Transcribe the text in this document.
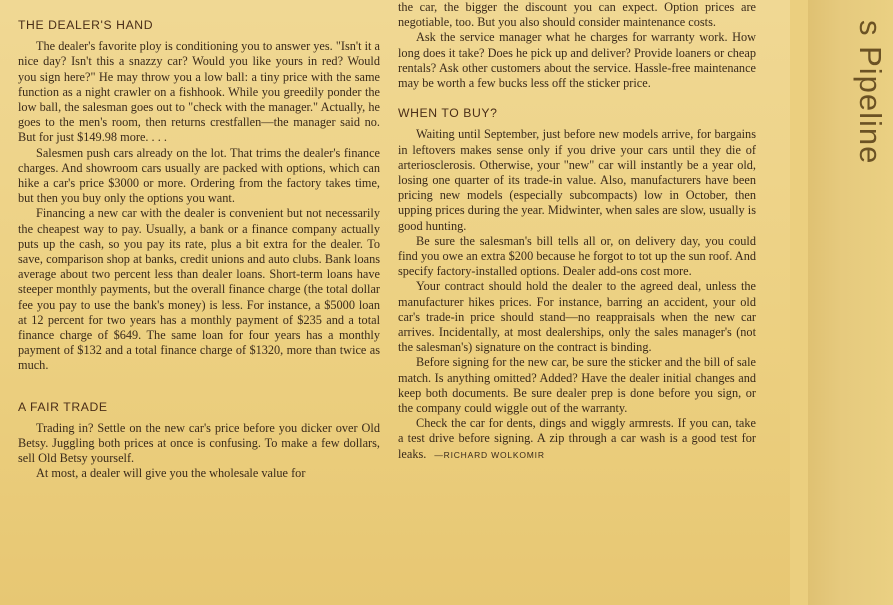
s Pipeline
THE DEALER'S HAND

The dealer's favorite ploy is conditioning you to answer yes. "Isn't it a nice day? Isn't this a snazzy car? Would you like yours in red? Would you sign here?" He may throw you a low ball: a tiny price with the same function as a night crawler on a fishhook. While you greedily ponder the low ball, the salesman goes out to "check with the manager." Actually, he goes to the men's room, then returns crestfallen—the manager said no. But for just $149.98 more. . . .

Salesmen push cars already on the lot. That trims the dealer's finance charges. And showroom cars usually are packed with options, which can hike a car's price $3000 or more. Ordering from the factory takes time, but then you buy only the options you want.

Financing a new car with the dealer is convenient but not necessarily the cheapest way to pay. Usually, a bank or a finance company actually puts up the cash, so you pay its rate, plus a bit extra for the dealer. To save, comparison shop at banks, credit unions and auto clubs. Bank loans average about two percent less than dealer loans. Short-term loans have steeper monthly payments, but the overall finance charge (the total dollar fee you pay to use the bank's money) is less. For instance, a $5000 loan at 12 percent for two years has a monthly payment of $235 and a total finance charge of $649. The same loan for four years has a monthly payment of $132 and a total finance charge of $1320, more than twice as much.

A FAIR TRADE

Trading in? Settle on the new car's price before you dicker over Old Betsy. Juggling both prices at once is confusing. To make a few dollars, sell Old Betsy yourself.

At most, a dealer will give you the wholesale value for

the car, the bigger the discount you can expect. Option prices are negotiable, too. But you also should consider maintenance costs.

Ask the service manager what he charges for warranty work. How long does it take? Does he pick up and deliver? Provide loaners or cheap rentals? Ask other customers about the service. Hassle-free maintenance may be worth a few bucks less off the sticker price.

WHEN TO BUY?

Waiting until September, just before new models arrive, for bargains in leftovers makes sense only if you drive your cars until they die of arteriosclerosis. Otherwise, your "new" car will instantly be a year old, losing one quarter of its trade-in value. Also, manufacturers have been pricing new models (especially subcompacts) low in October, then upping prices during the year. Midwinter, when sales are slow, usually is good hunting.

Be sure the salesman's bill tells all or, on delivery day, you could find you owe an extra $200 because he forgot to tot up the sun roof. And specify factory-installed options. Dealer add-ons cost more.

Your contract should hold the dealer to the agreed deal, unless the manufacturer hikes prices. For instance, barring an accident, your old car's trade-in price should stand—no reappraisals when the new car arrives. Incidentally, at most dealerships, only the sales manager's (not the salesman's) signature on the contract is binding.

Before signing for the new car, be sure the sticker and the bill of sale match. Is anything omitted? Added? Have the dealer initial changes and keep both documents. Be sure dealer prep is done before you sign, or the company could wiggle out of the warranty.

Check the car for dents, dings and wiggly armrests. If you can, take a test drive before signing. A zip through a car wash is a good test for leaks. —RICHARD WOLKOMIR
